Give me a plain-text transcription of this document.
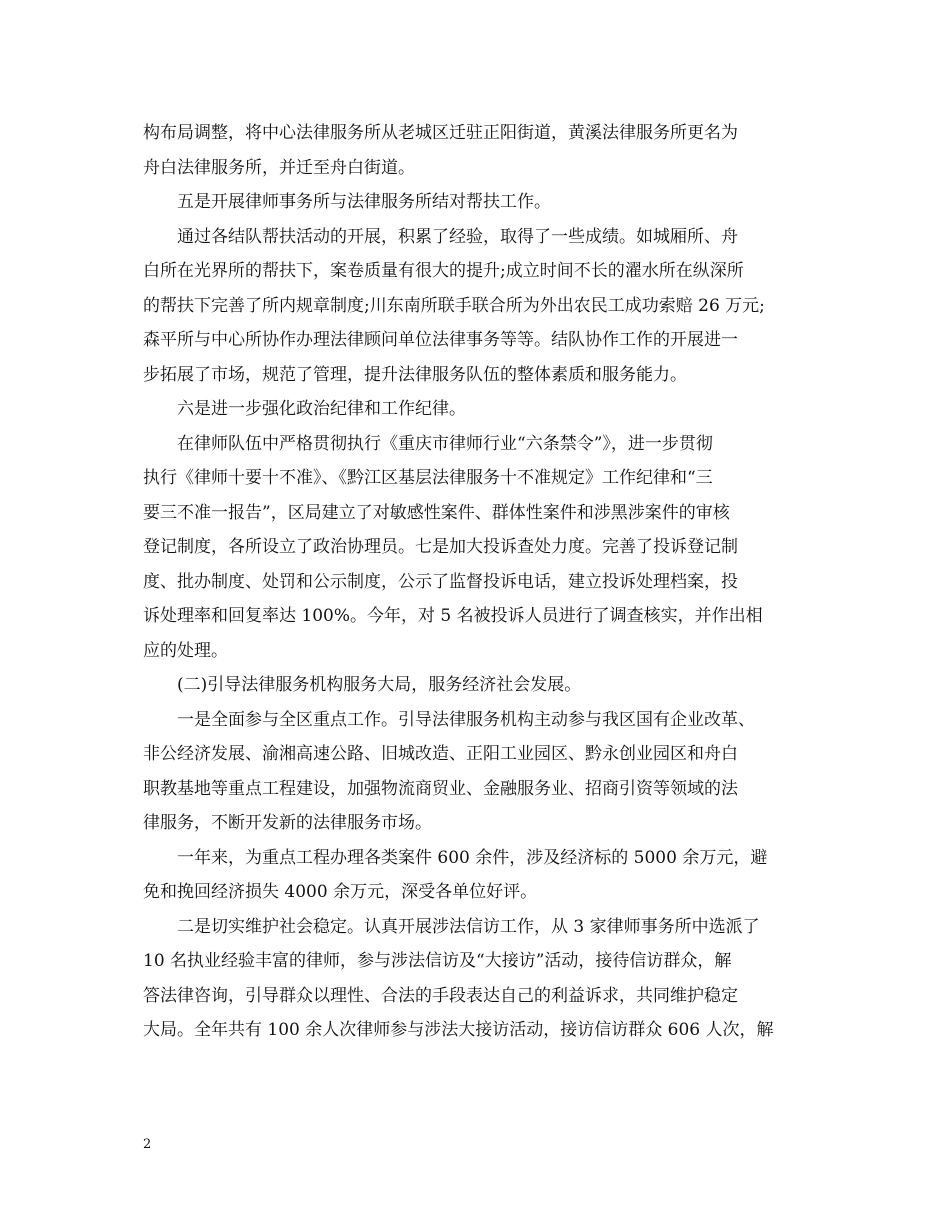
构布局调整，将中心法律服务所从老城区迁驻正阳街道，黄溪法律服务所更名为
舟白法律服务所，并迁至舟白街道。
五是开展律师事务所与法律服务所结对帮扶工作。
通过各结队帮扶活动的开展，积累了经验，取得了一些成绩。如城厢所、舟
白所在光界所的帮扶下，案卷质量有很大的提升;成立时间不长的濯水所在纵深所
的帮扶下完善了所内规章制度;川东南所联手联合所为外出农民工成功索赔 26 万元;
森平所与中心所协作办理法律顾问单位法律事务等等。结队协作工作的开展进一
步拓展了市场，规范了管理，提升法律服务队伍的整体素质和服务能力。
六是进一步强化政治纪律和工作纪律。
在律师队伍中严格贯彻执行《重庆市律师行业“六条禁令”》，进一步贯彻
执行《律师十要十不准》、《黔江区基层法律服务十不准规定》工作纪律和“三
要三不准一报告”，区局建立了对敏感性案件、群体性案件和涉黑涉案件的审核
登记制度，各所设立了政治协理员。七是加大投诉查处力度。完善了投诉登记制
度、批办制度、处罚和公示制度，公示了监督投诉电话，建立投诉处理档案，投
诉处理率和回复率达 100%。今年，对 5 名被投诉人员进行了调查核实，并作出相
应的处理。
(二)引导法律服务机构服务大局，服务经济社会发展。
一是全面参与全区重点工作。引导法律服务机构主动参与我区国有企业改革、
非公经济发展、渝湘高速公路、旧城改造、正阳工业园区、黔永创业园区和舟白
职教基地等重点工程建设，加强物流商贸业、金融服务业、招商引资等领域的法
律服务，不断开发新的法律服务市场。
一年来，为重点工程办理各类案件 600 余件，涉及经济标的 5000 余万元，避
免和挽回经济损失 4000 余万元，深受各单位好评。
二是切实维护社会稳定。认真开展涉法信访工作，从 3 家律师事务所中选派了
10 名执业经验丰富的律师，参与涉法信访及“大接访”活动，接待信访群众，解
答法律咨询，引导群众以理性、合法的手段表达自己的利益诉求，共同维护稳定
大局。全年共有 100 余人次律师参与涉法大接访活动，接访信访群众 606 人次，解
2
